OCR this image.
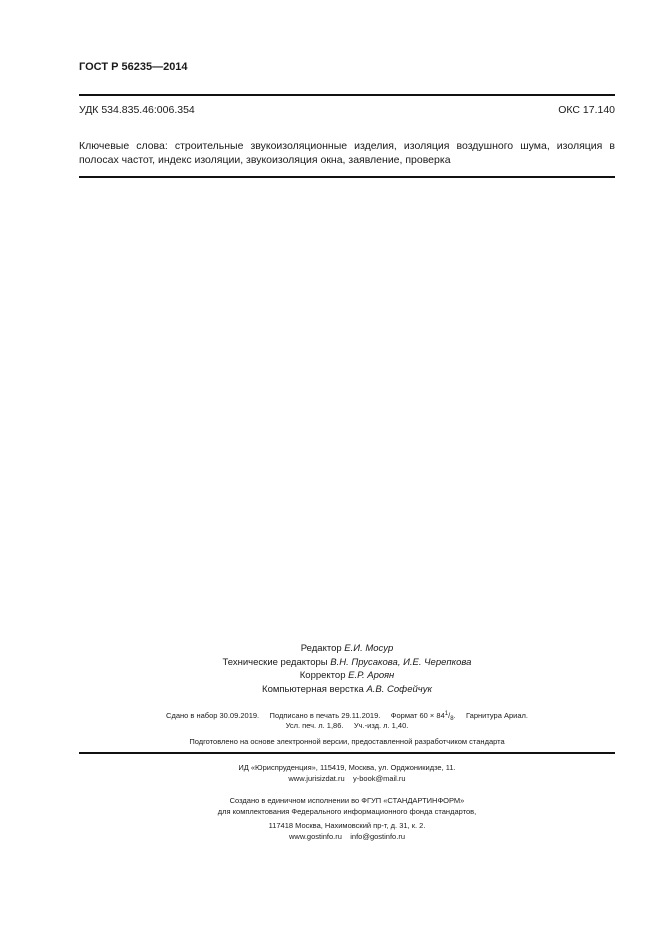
ГОСТ Р 56235—2014
УДК 534.835.46:006.354	ОКС 17.140
Ключевые слова: строительные звукоизоляционные изделия, изоляция воздушного шума, изоляция в полосах частот, индекс изоляции, звукоизоляция окна, заявление, проверка
Редактор Е.И. Мосур
Технические редакторы В.Н. Прусакова, И.Е. Черепкова
Корректор Е.Р. Ароян
Компьютерная верстка А.В. Софейчук
Сдано в набор 30.09.2019. Подписано в печать 29.11.2019. Формат $60 \times 84^1/_8$. Гарнитура Ариал.
Усл. печ. л. 1,86. Уч.-изд. л. 1,40.
Подготовлено на основе электронной версии, предоставленной разработчиком стандарта
ИД «Юриспруденция», 115419, Москва, ул. Орджоникидзе, 11.
www.jurisizdat.ru    y-book@mail.ru
Создано в единичном исполнении во ФГУП «СТАНДАРТИНФОРМ»
для комплектования Федерального информационного фонда стандартов,
117418 Москва, Нахимовский пр-т, д. 31, к. 2.
www.gostinfo.ru    info@gostinfo.ru
